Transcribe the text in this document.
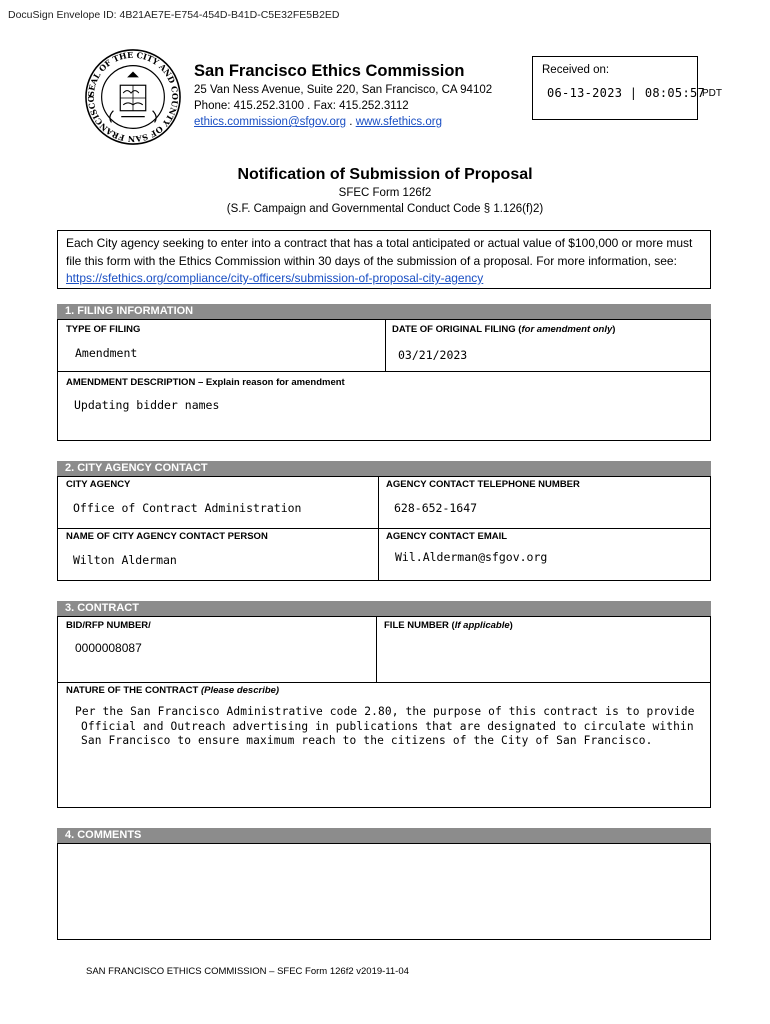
DocuSign Envelope ID: 4B21AE7E-E754-454D-B41D-C5E32FE5B2ED
SEAL OF THE CITY AND COUNTY OF SAN FRANCISCO
San Francisco Ethics Commission
25 Van Ness Avenue, Suite 220, San Francisco, CA 94102
Phone: 415.252.3100 . Fax: 415.252.3112
ethics.commission@sfgov.org . www.sfethics.org
Received on:
06-13-2023 | 08:05:57
PDT
Notification of Submission of Proposal
SFEC Form 126f2
(S.F. Campaign and Governmental Conduct Code § 1.126(f)2)
Each City agency seeking to enter into a contract that has a total anticipated or actual value of $100,000 or more must file this form with the Ethics Commission within 30 days of the submission of a proposal. For more information, see: https://sfethics.org/compliance/city-officers/submission-of-proposal-city-agency
1. FILING INFORMATION
TYPE OF FILING
Amendment
DATE OF ORIGINAL FILING (for amendment only)
03/21/2023
AMENDMENT DESCRIPTION – Explain reason for amendment
Updating bidder names
2. CITY AGENCY CONTACT
CITY AGENCY
Office of Contract Administration
AGENCY CONTACT TELEPHONE NUMBER
628-652-1647
NAME OF CITY AGENCY CONTACT PERSON
Wilton Alderman
AGENCY CONTACT EMAIL
Wil.Alderman@sfgov.org
3. CONTRACT
BID/RFP NUMBER/
0000008087
FILE NUMBER (If applicable)
NATURE OF THE CONTRACT (Please describe)
Per the San Francisco Administrative code 2.80, the purpose of this contract is to provide
Official and Outreach advertising in publications that are designated to circulate within
San Francisco to ensure maximum reach to the citizens of the City of San Francisco.
4. COMMENTS
SAN FRANCISCO ETHICS COMMISSION – SFEC Form 126f2 v2019-11-04
